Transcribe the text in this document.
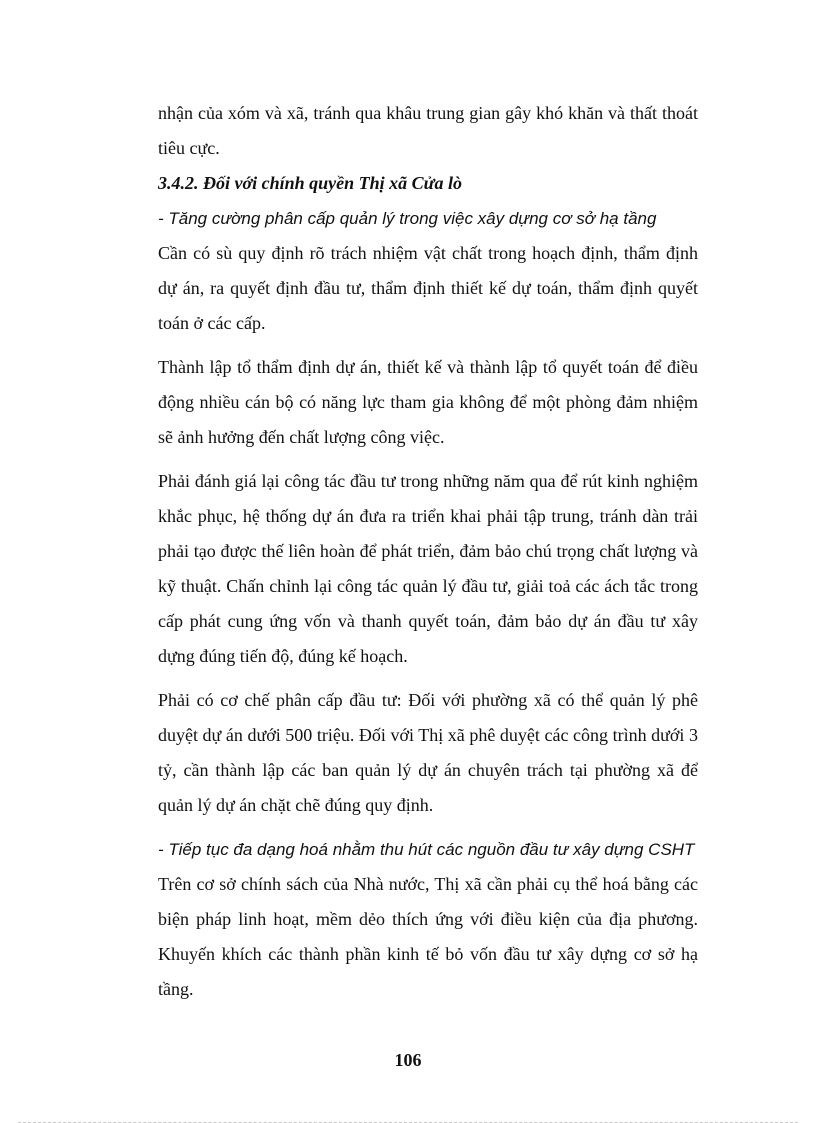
nhận của xóm và xã, tránh qua khâu trung gian gây khó khăn và thất thoát tiêu cực.

3.4.2. Đối với chính quyền Thị xã Cửa lò

- Tăng cường phân cấp quản lý trong việc xây dựng cơ sở hạ tầng

Cần có sù quy định rõ trách nhiệm vật chất trong hoạch định, thẩm định dự án, ra quyết định đầu tư, thẩm định thiết kế dự toán, thẩm định quyết toán ở các cấp.

Thành lập tổ thẩm định dự án, thiết kế và thành lập tổ quyết toán để điều động nhiều cán bộ có năng lực tham gia không để một phòng đảm nhiệm sẽ ảnh hưởng đến chất lượng công việc.

Phải đánh giá lại công tác đầu tư trong những năm qua để rút kinh nghiệm khắc phục, hệ thống dự án đưa ra triển khai phải tập trung, tránh dàn trải phải tạo được thế liên hoàn để phát triển, đảm bảo chú trọng chất lượng và kỹ thuật. Chấn chỉnh lại công tác quản lý đầu tư, giải toả các ách tắc trong cấp phát cung ứng vốn và thanh quyết toán, đảm bảo dự án đầu tư xây dựng đúng tiến độ, đúng kế hoạch.

Phải có cơ chế phân cấp đầu tư: Đối với phường xã có thể quản lý phê duyệt dự án dưới 500 triệu. Đối với Thị xã phê duyệt các công trình dưới 3 tỷ, cần thành lập các ban quản lý dự án chuyên trách tại phường xã để quản lý dự án chặt chẽ đúng quy định.

- Tiếp tục đa dạng hoá nhằm thu hút các nguồn đầu tư xây dựng CSHT

Trên cơ sở chính sách của Nhà nước, Thị xã cần phải cụ thể hoá bằng các biện pháp linh hoạt, mềm dẻo thích ứng với điều kiện của địa phương. Khuyến khích các thành phần kinh tế bỏ vốn đầu tư xây dựng cơ sở hạ tầng.

106
